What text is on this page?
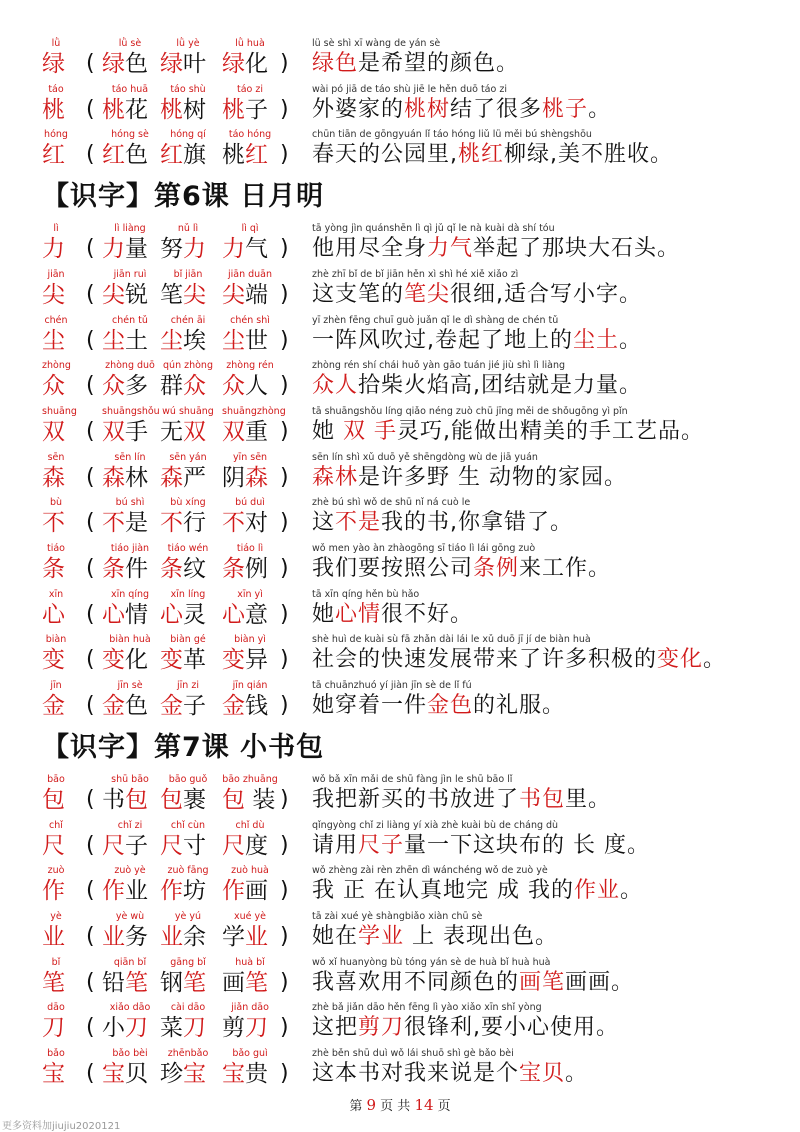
lǜ
绿 (
lǜ sè
绿色
lǜ yè
绿叶
lǜ huà
绿化 )
lǜ sè shì xī wàng de yán sè
绿色是希望的颜色。
táo
桃 (
táo huā
桃花
táo shù
桃树
táo zi
桃子 )
wài pó jiā de táo shù jiē le hěn duō táo zi
外婆家的桃树结了很多桃子。
hóng
红 (
hóng sè
红色
hóng qí
红旗
táo hóng
桃红 )
chūn tiān de gōngyuán lǐ táo hóng liǔ lǜ měi bú shèngshōu
春天的公园里,桃红柳绿,美不胜收。
【识字】第6课 日月明
lì
力 (
lì liàng
力量
nǔ lì
努力
lì qì
力气 )
tā yòng jìn quánshēn lì qì jǔ qǐ le nà kuài dà shí tóu
他用尽全身力气举起了那块大石头。
jiān
尖 (
jiān ruì
尖锐
bǐ jiān
笔尖
jiān duān
尖端 )
zhè zhī bǐ de bǐ jiān hěn xì shì hé xiě xiǎo zì
这支笔的笔尖很细,适合写小字。
chén
尘 (
chén tǔ
尘土
chén āi
尘埃
chén shì
尘世 )
yī zhèn fēng chuī guò juǎn qǐ le dì shàng de chén tǔ
一阵风吹过,卷起了地上的尘土。
zhòng
众 (
zhòng duō
众多
qún zhòng
群众
zhòng rén
众人 )
zhòng rén shí chái huǒ yàn gāo tuán jié jiù shì lì liàng
众人拾柴火焰高,团结就是力量。
shuāng
双 (
shuāngshǒu
双手
wú shuāng
无双
shuāngzhòng
双重 )
tā shuāngshǒu líng qiǎo néng zuò chū jīng měi de shǒugōng yì pǐn
她 双 手灵巧,能做出精美的手工艺品。
sēn
森 (
sēn lín
森林
sēn yán
森严
yīn sēn
阴森 )
sēn lín shì xǔ duō yě shēngdòng wù de jiā yuán
森林是许多野 生 动物的家园。
bù
不 (
bú shì
不是
bù xíng
不行
bú duì
不对 )
zhè bú shì wǒ de shū nǐ ná cuò le
这不是我的书,你拿错了。
tiáo
条 (
tiáo jiàn
条件
tiáo wén
条纹
tiáo lì
条例 )
wǒ men yào àn zhàogōng sī tiáo lì lái gōng zuò
我们要按照公司条例来工作。
xīn
心 (
xīn qíng
心情
xīn líng
心灵
xīn yì
心意 )
tā xīn qíng hěn bù hǎo
她心情很不好。
biàn
变 (
biàn huà
变化
biàn gé
变革
biàn yì
变异 )
shè huì de kuài sù fā zhǎn dài lái le xǔ duō jī jí de biàn huà
社会的快速发展带来了许多积极的变化。
jīn
金 (
jīn sè
金色
jīn zi
金子
jīn qián
金钱 )
tā chuānzhuó yí jiàn jīn sè de lǐ fú
她穿着一件金色的礼服。
【识字】第7课 小书包
bāo
包 (
shū bāo
书包
bāo guǒ
包裹
bāo zhuāng
包 装 )
wǒ bǎ xīn mǎi de shū fàng jìn le shū bāo lǐ
我把新买的书放进了书包里。
chǐ
尺 (
chǐ zi
尺子
chǐ cùn
尺寸
chǐ dù
尺度 )
qǐngyòng chǐ zi liàng yí xià zhè kuài bù de cháng dù
请用尺子量一下这块布的 长 度。
zuò
作 (
zuò yè
作业
zuò fāng
作坊
zuò huà
作画 )
wǒ zhèng zài rèn zhēn dì wánchéng wǒ de zuò yè
我 正 在认真地完 成 我的作业。
yè
业 (
yè wù
业务
yè yú
业余
xué yè
学业 )
tā zài xué yè shàngbiǎo xiàn chū sè
她在学业 上 表现出色。
bǐ
笔 (
qiān bǐ
铅笔
gāng bǐ
钢笔
huà bǐ
画笔 )
wǒ xǐ huanyòng bù tóng yán sè de huà bǐ huà huà
我喜欢用不同颜色的画笔画画。
dāo
刀 (
xiǎo dāo
小刀
cài dāo
菜刀
jiǎn dāo
剪刀 )
zhè bǎ jiǎn dāo hěn fēng lì yào xiǎo xīn shǐ yòng
这把剪刀很锋利,要小心使用。
bǎo
宝 (
bǎo bèi
宝贝
zhēnbǎo
珍宝
bǎo guì
宝贵 )
zhè běn shū duì wǒ lái shuō shì gè bǎo bèi
这本书对我来说是个宝贝。
第 9 页 共 14 页
更多资料加jiujiu2020121
